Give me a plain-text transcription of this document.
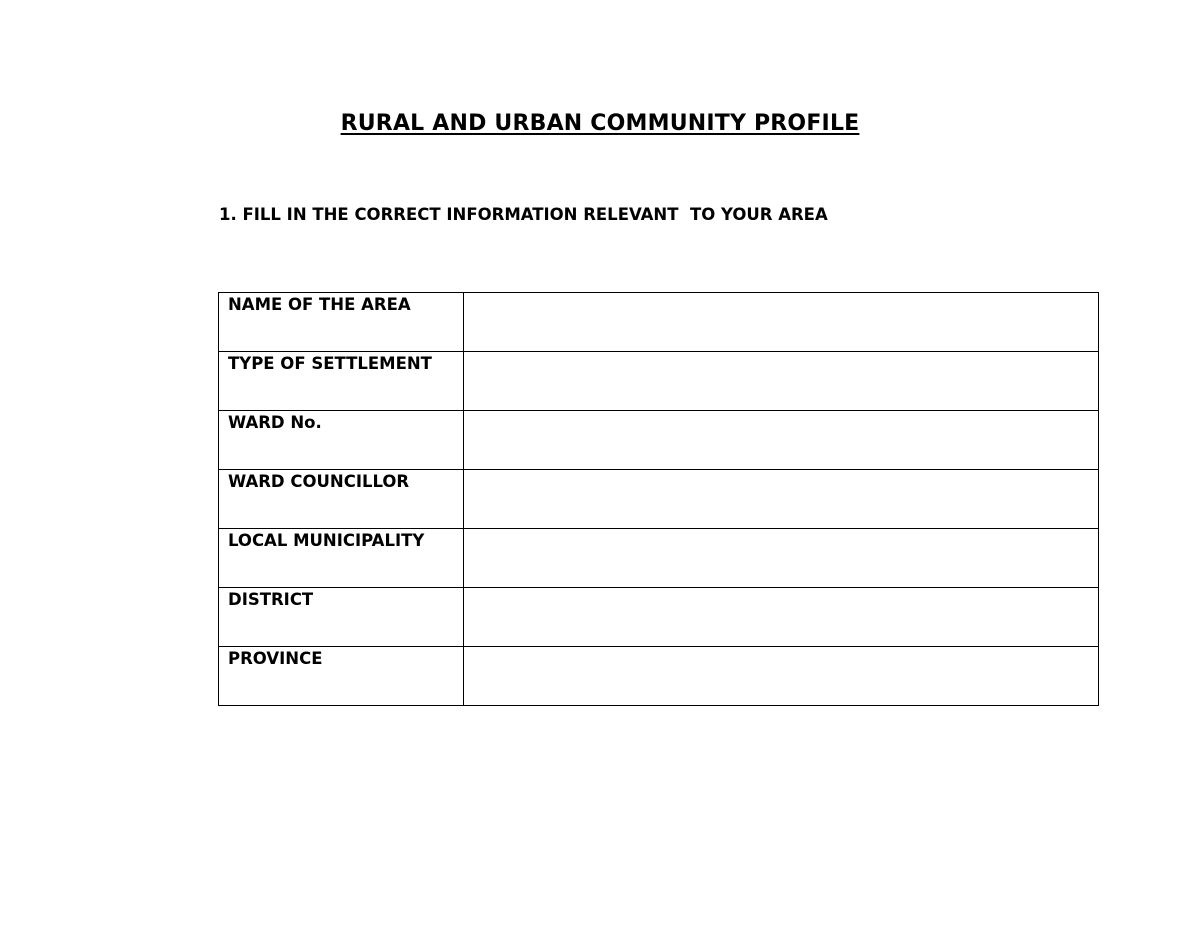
RURAL AND URBAN COMMUNITY PROFILE
1. FILL IN THE CORRECT INFORMATION RELEVANT  TO YOUR AREA
NAME OF THE AREA	
TYPE OF SETTLEMENT	
WARD No.	
WARD COUNCILLOR	
LOCAL MUNICIPALITY	
DISTRICT	
PROVINCE	
